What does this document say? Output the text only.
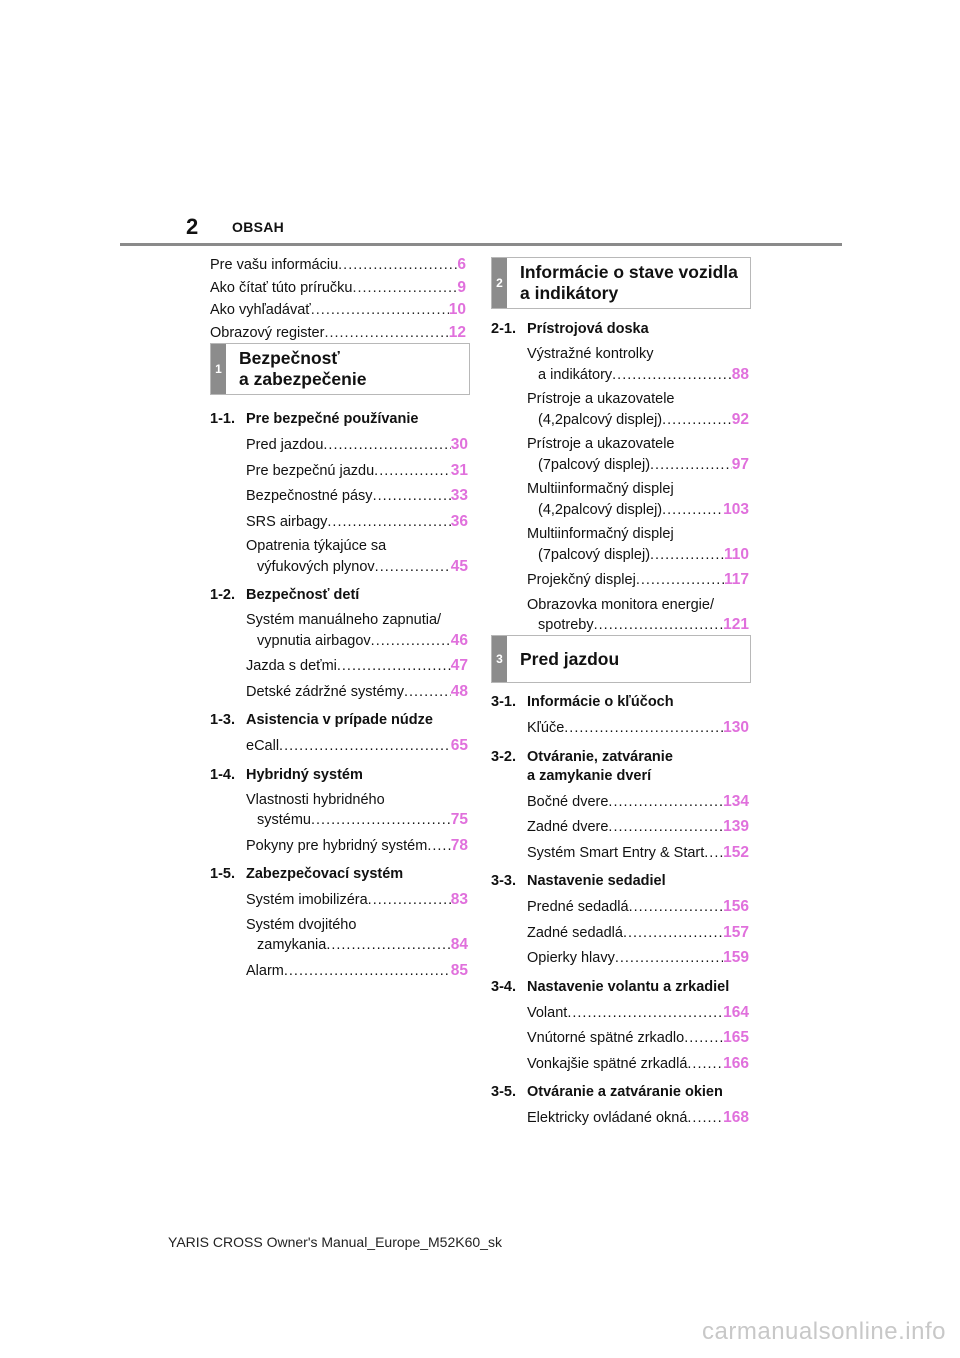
2 OBSAH
Pre vašu informáciu .....	6
Ako čítať túto príručku .....	9
Ako vyhľadávať .....	10
Obrazový register .....	12
1
Bezpečnosť
a zabezpečenie
1-1. Pre bezpečné používanie
Pred jazdou .....	30
Pre bezpečnú jazdu .....	31
Bezpečnostné pásy .....	33
SRS airbagy .....	36
Opatrenia týkajúce sa
výfukových plynov .....	45
1-2. Bezpečnosť detí
Systém manuálneho zapnutia/
vypnutia airbagov .....	46
Jazda s deťmi .....	47
Detské zádržné systémy .....	48
1-3. Asistencia v prípade núdze
eCall .....	65
1-4. Hybridný systém
Vlastnosti hybridného
systému .....	75
Pokyny pre hybridný systém ..... 78
1-5. Zabezpečovací systém
Systém imobilizéra .....	83
Systém dvojitého
zamykania .....	84
Alarm .....	85
2
Informácie o stave vozidla
a indikátory
2-1. Prístrojová doska
Výstražné kontrolky
a indikátory .....	88
Prístroje a ukazovatele
(4,2palcový displej) .....	92
Prístroje a ukazovatele
(7palcový displej) .....	97
Multiinformačný displej
(4,2palcový displej) .....	103
Multiinformačný displej
(7palcový displej) .....	110
Projekčný displej .....	117
Obrazovka monitora energie/
spotreby .....	121
3 Pred jazdou
3-1. Informácie o kľúčoch
Kľúče .....	130
3-2. Otváranie, zatváranie
a zamykanie dverí
Bočné dvere .....	134
Zadné dvere .....	139
Systém Smart Entry & Start ..... 152
3-3. Nastavenie sedadiel
Predné sedadlá .....	156
Zadné sedadlá .....	157
Opierky hlavy .....	159
3-4. Nastavenie volantu a zrkadiel
Volant .....	164
Vnútorné spätné zrkadlo .....	165
Vonkajšie spätné zrkadlá ..... 166
3-5. Otváranie a zatváranie okien
Elektricky ovládané okná ..... 168
YARIS CROSS Owner's Manual_Europe_M52K60_sk
carmanualsonline.info
